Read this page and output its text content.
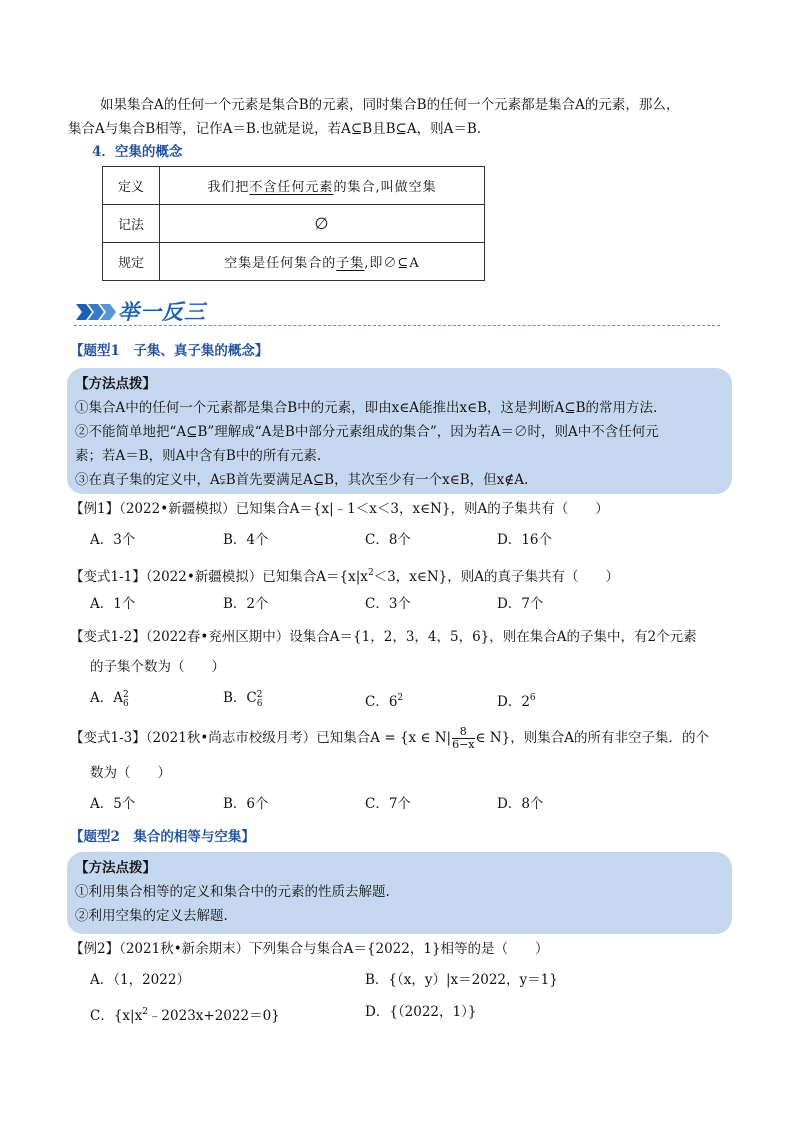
如果集合A的任何一个元素是集合B的元素，同时集合B的任何一个元素都是集合A的元素，那么，
集合A与集合B相等，记作A＝B.也就是说，若A⊆B且B⊆A，则A＝B.
4．空集的概念
定义	我们把不含任何元素的集合,叫做空集
记法	∅
规定	空集是任何集合的子集,即∅⊆A
举一反三
【题型1　子集、真子集的概念】
【方法点拨】
①集合A中的任何一个元素都是集合B中的元素，即由x∈A能推出x∈B，这是判断A⊆B的常用方法.
②不能简单地把“A⊆B”理解成“A是B中部分元素组成的集合”，因为若A＝∅时，则A中不含任何元
素；若A＝B，则A中含有B中的所有元素.
③在真子集的定义中，A⫋B首先要满足A⊆B，其次至少有一个x∈B，但x∉A.
【例1】（2022•新疆模拟）已知集合A＝{x|﹣1＜x＜3，x∈N}，则A的子集共有（　　）
A．3个	B．4个	C．8个	D．16个
【变式1-1】（2022•新疆模拟）已知集合$A=\{x|x^2<3$，x∈N}，则A的真子集共有（　　）
A．1个	B．2个	C．3个	D．7个
【变式1-2】（2022春•兖州区期中）设集合A＝{1，2，3，4，5，6}，则在集合A的子集中，有2个元素
的子集个数为（　　）
A．A 2
6	B．C 2
6	C．$6^2$	D．$2^6$
【变式1-3】（2021秋•尚志市校级月考）已知集合A = {x ∈ $N| \frac{8}{6-x}$ ∈ N}，则集合A的所有非空子集．的个
数为（　　）
A．5个	B．6个	C．7个	D．8个
【题型2　集合的相等与空集】
【方法点拨】
①利用集合相等的定义和集合中的元素的性质去解题.
②利用空集的定义去解题.
【例2】（2021秋•新余期末）下列集合与集合A＝{2022，1}相等的是（　　）
A．（1，2022）	B．{（x，y）|x＝2022，y＝1}
C．$\{x|x^2﹣2023x+2022=0\}$	D．{（2022，1）}
